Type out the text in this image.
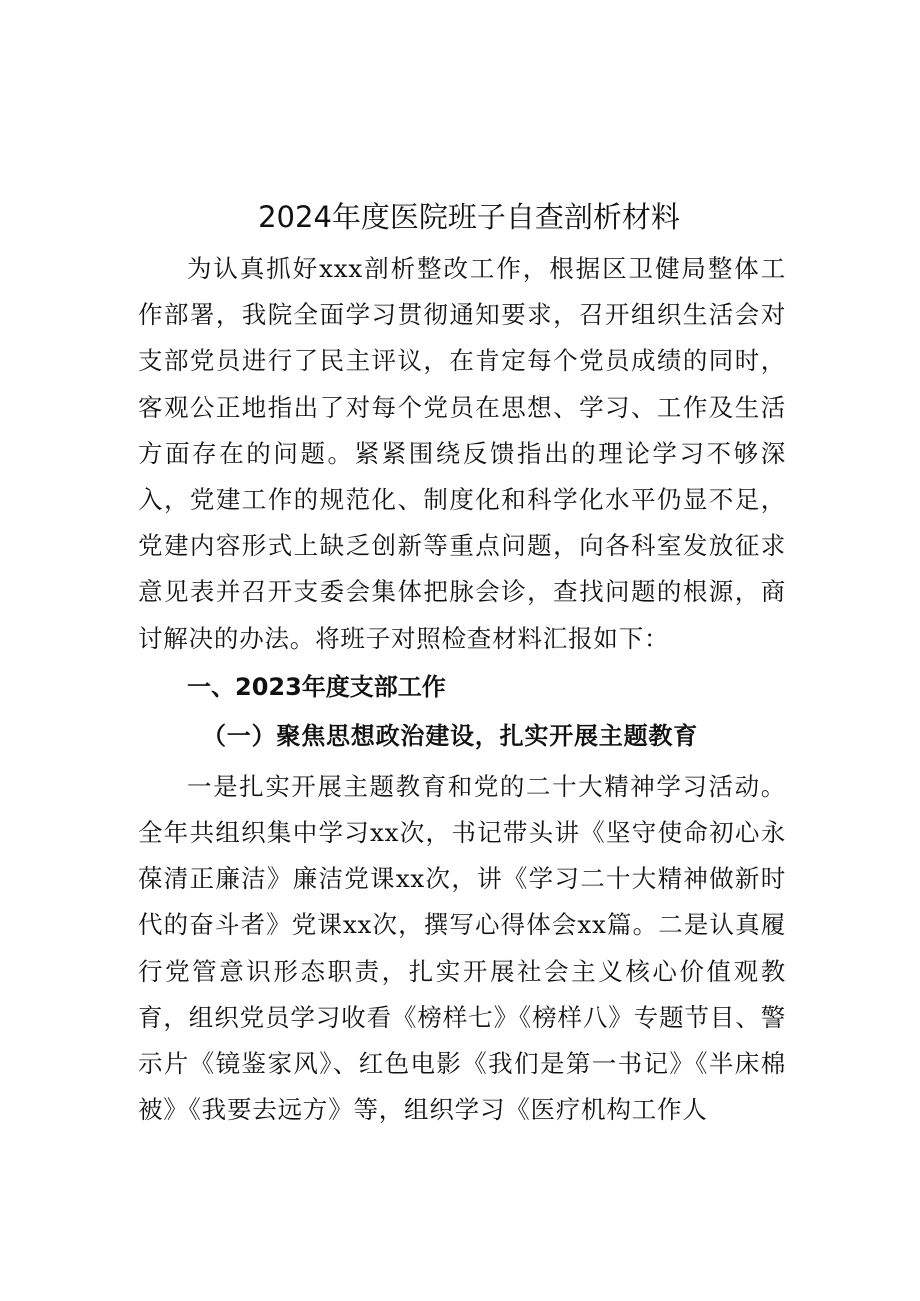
2024年度医院班子自查剖析材料

为认真抓好xxx剖析整改工作，根据区卫健局整体工作部署，我院全面学习贯彻通知要求，召开组织生活会对支部党员进行了民主评议，在肯定每个党员成绩的同时，客观公正地指出了对每个党员在思想、学习、工作及生活方面存在的问题。紧紧围绕反馈指出的理论学习不够深入，党建工作的规范化、制度化和科学化水平仍显不足，党建内容形式上缺乏创新等重点问题，向各科室发放征求意见表并召开支委会集体把脉会诊，查找问题的根源，商讨解决的办法。将班子对照检查材料汇报如下：

一、2023年度支部工作
（一）聚焦思想政治建设，扎实开展主题教育

一是扎实开展主题教育和党的二十大精神学习活动。全年共组织集中学习xx次，书记带头讲《坚守使命初心永葆清正廉洁》廉洁党课xx次，讲《学习二十大精神做新时代的奋斗者》党课xx次，撰写心得体会xx篇。二是认真履行党管意识形态职责，扎实开展社会主义核心价值观教育，组织党员学习收看《榜样七》《榜样八》专题节目、警示片《镜鉴家风》、红色电影《我们是第一书记》《半床棉被》《我要去远方》等，组织学习《医疗机构工作人
